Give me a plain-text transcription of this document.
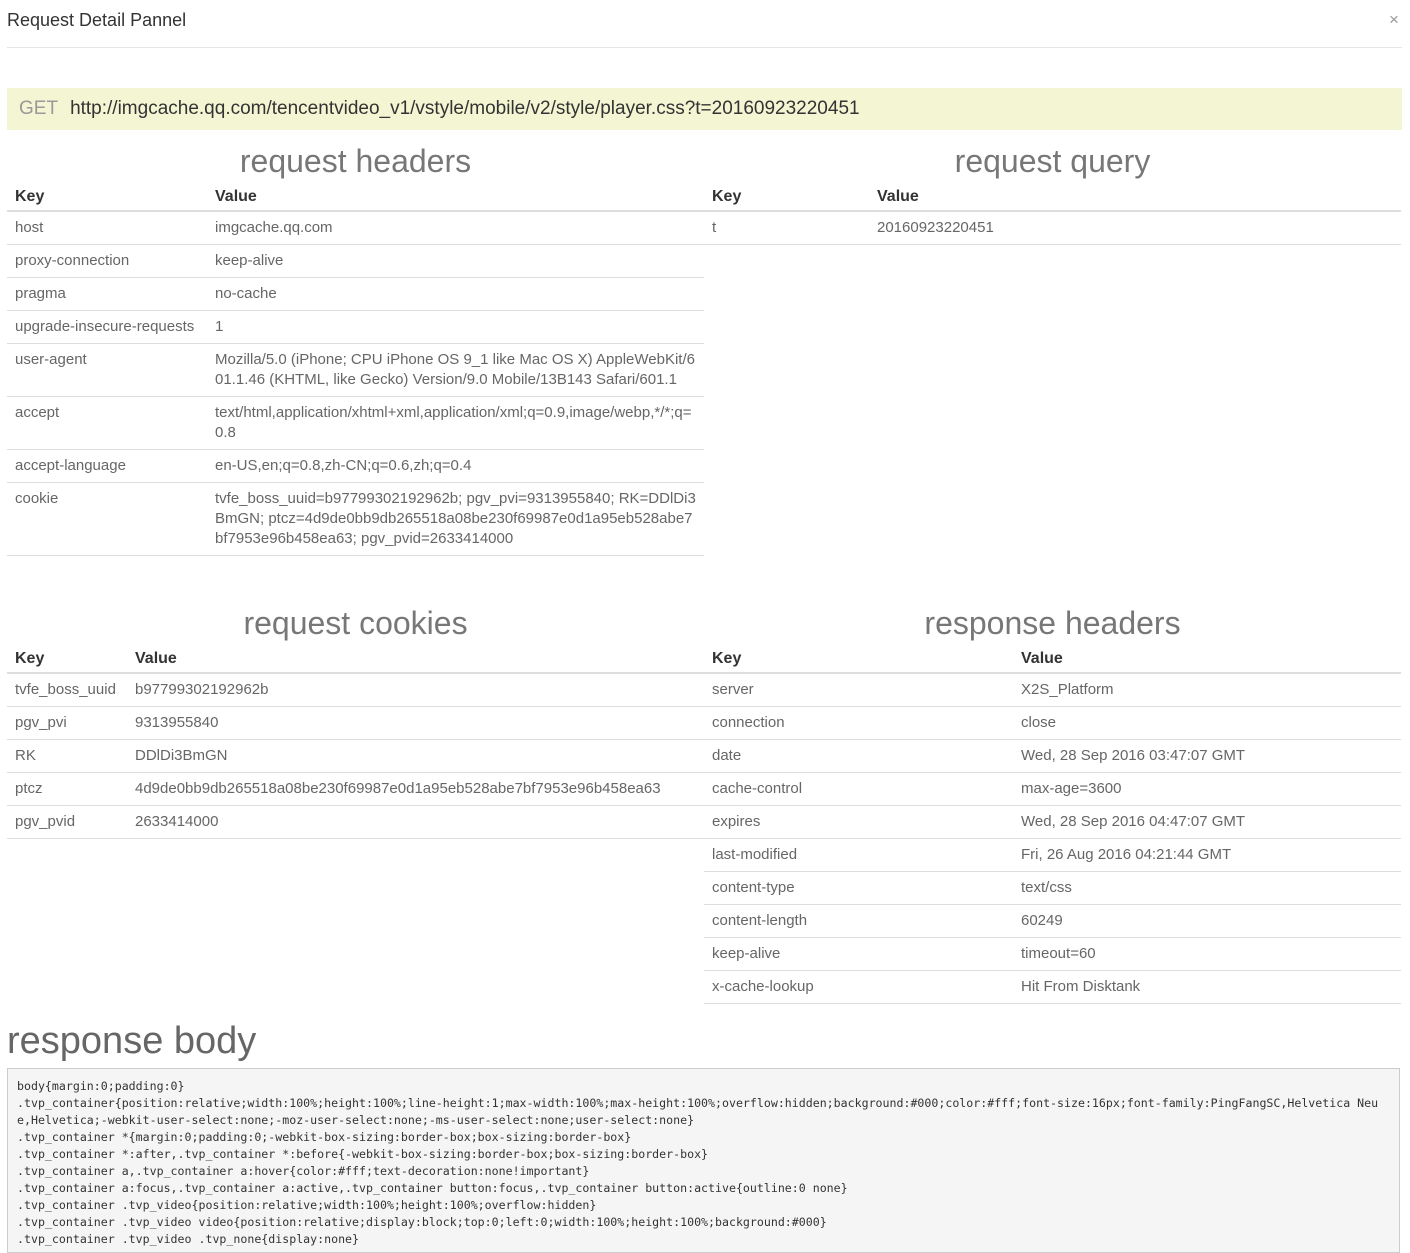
Request Detail Pannel	×
GET http://imgcache.qq.com/tencentvideo_v1/vstyle/mobile/v2/style/player.css?t=20160923220451
request headers
Key	Value
host	imgcache.qq.com
proxy-connection	keep-alive
pragma	no-cache
upgrade-insecure-requests	1
user-agent	Mozilla/5.0 (iPhone; CPU iPhone OS 9_1 like Mac OS X) AppleWebKit/601.1.46 (KHTML, like Gecko) Version/9.0 Mobile/13B143 Safari/601.1
accept	text/html,application/xhtml+xml,application/xml;q=0.9,image/webp,*/*;q=0.8
accept-language	en-US,en;q=0.8,zh-CN;q=0.6,zh;q=0.4
cookie	tvfe_boss_uuid=b97799302192962b; pgv_pvi=9313955840; RK=DDlDi3BmGN; ptcz=4d9de0bb9db265518a08be230f69987e0d1a95eb528abe7bf7953e96b458ea63; pgv_pvid=2633414000
request query
Key	Value
t	20160923220451
request cookies
Key	Value
tvfe_boss_uuid	b97799302192962b
pgv_pvi	9313955840
RK	DDlDi3BmGN
ptcz	4d9de0bb9db265518a08be230f69987e0d1a95eb528abe7bf7953e96b458ea63
pgv_pvid	2633414000
response headers
Key	Value
server	X2S_Platform
connection	close
date	Wed, 28 Sep 2016 03:47:07 GMT
cache-control	max-age=3600
expires	Wed, 28 Sep 2016 04:47:07 GMT
last-modified	Fri, 26 Aug 2016 04:21:44 GMT
content-type	text/css
content-length	60249
keep-alive	timeout=60
x-cache-lookup	Hit From Disktank
response body
body{margin:0;padding:0}
.tvp_container{position:relative;width:100%;height:100%;line-height:1;max-width:100%;max-height:100%;overflow:hidden;background:#000;color:#fff;font-size:16px;font-family:PingFangSC,Helvetica Neue,Helvetica;-webkit-user-select:none;-moz-user-select:none;-ms-user-select:none;user-select:none}
.tvp_container *{margin:0;padding:0;-webkit-box-sizing:border-box;box-sizing:border-box}
.tvp_container *:after,.tvp_container *:before{-webkit-box-sizing:border-box;box-sizing:border-box}
.tvp_container a,.tvp_container a:hover{color:#fff;text-decoration:none!important}
.tvp_container a:focus,.tvp_container a:active,.tvp_container button:focus,.tvp_container button:active{outline:0 none}
.tvp_container .tvp_video{position:relative;width:100%;height:100%;overflow:hidden}
.tvp_container .tvp_video video{position:relative;display:block;top:0;left:0;width:100%;height:100%;background:#000}
.tvp_container .tvp_video .tvp_none{display:none}
